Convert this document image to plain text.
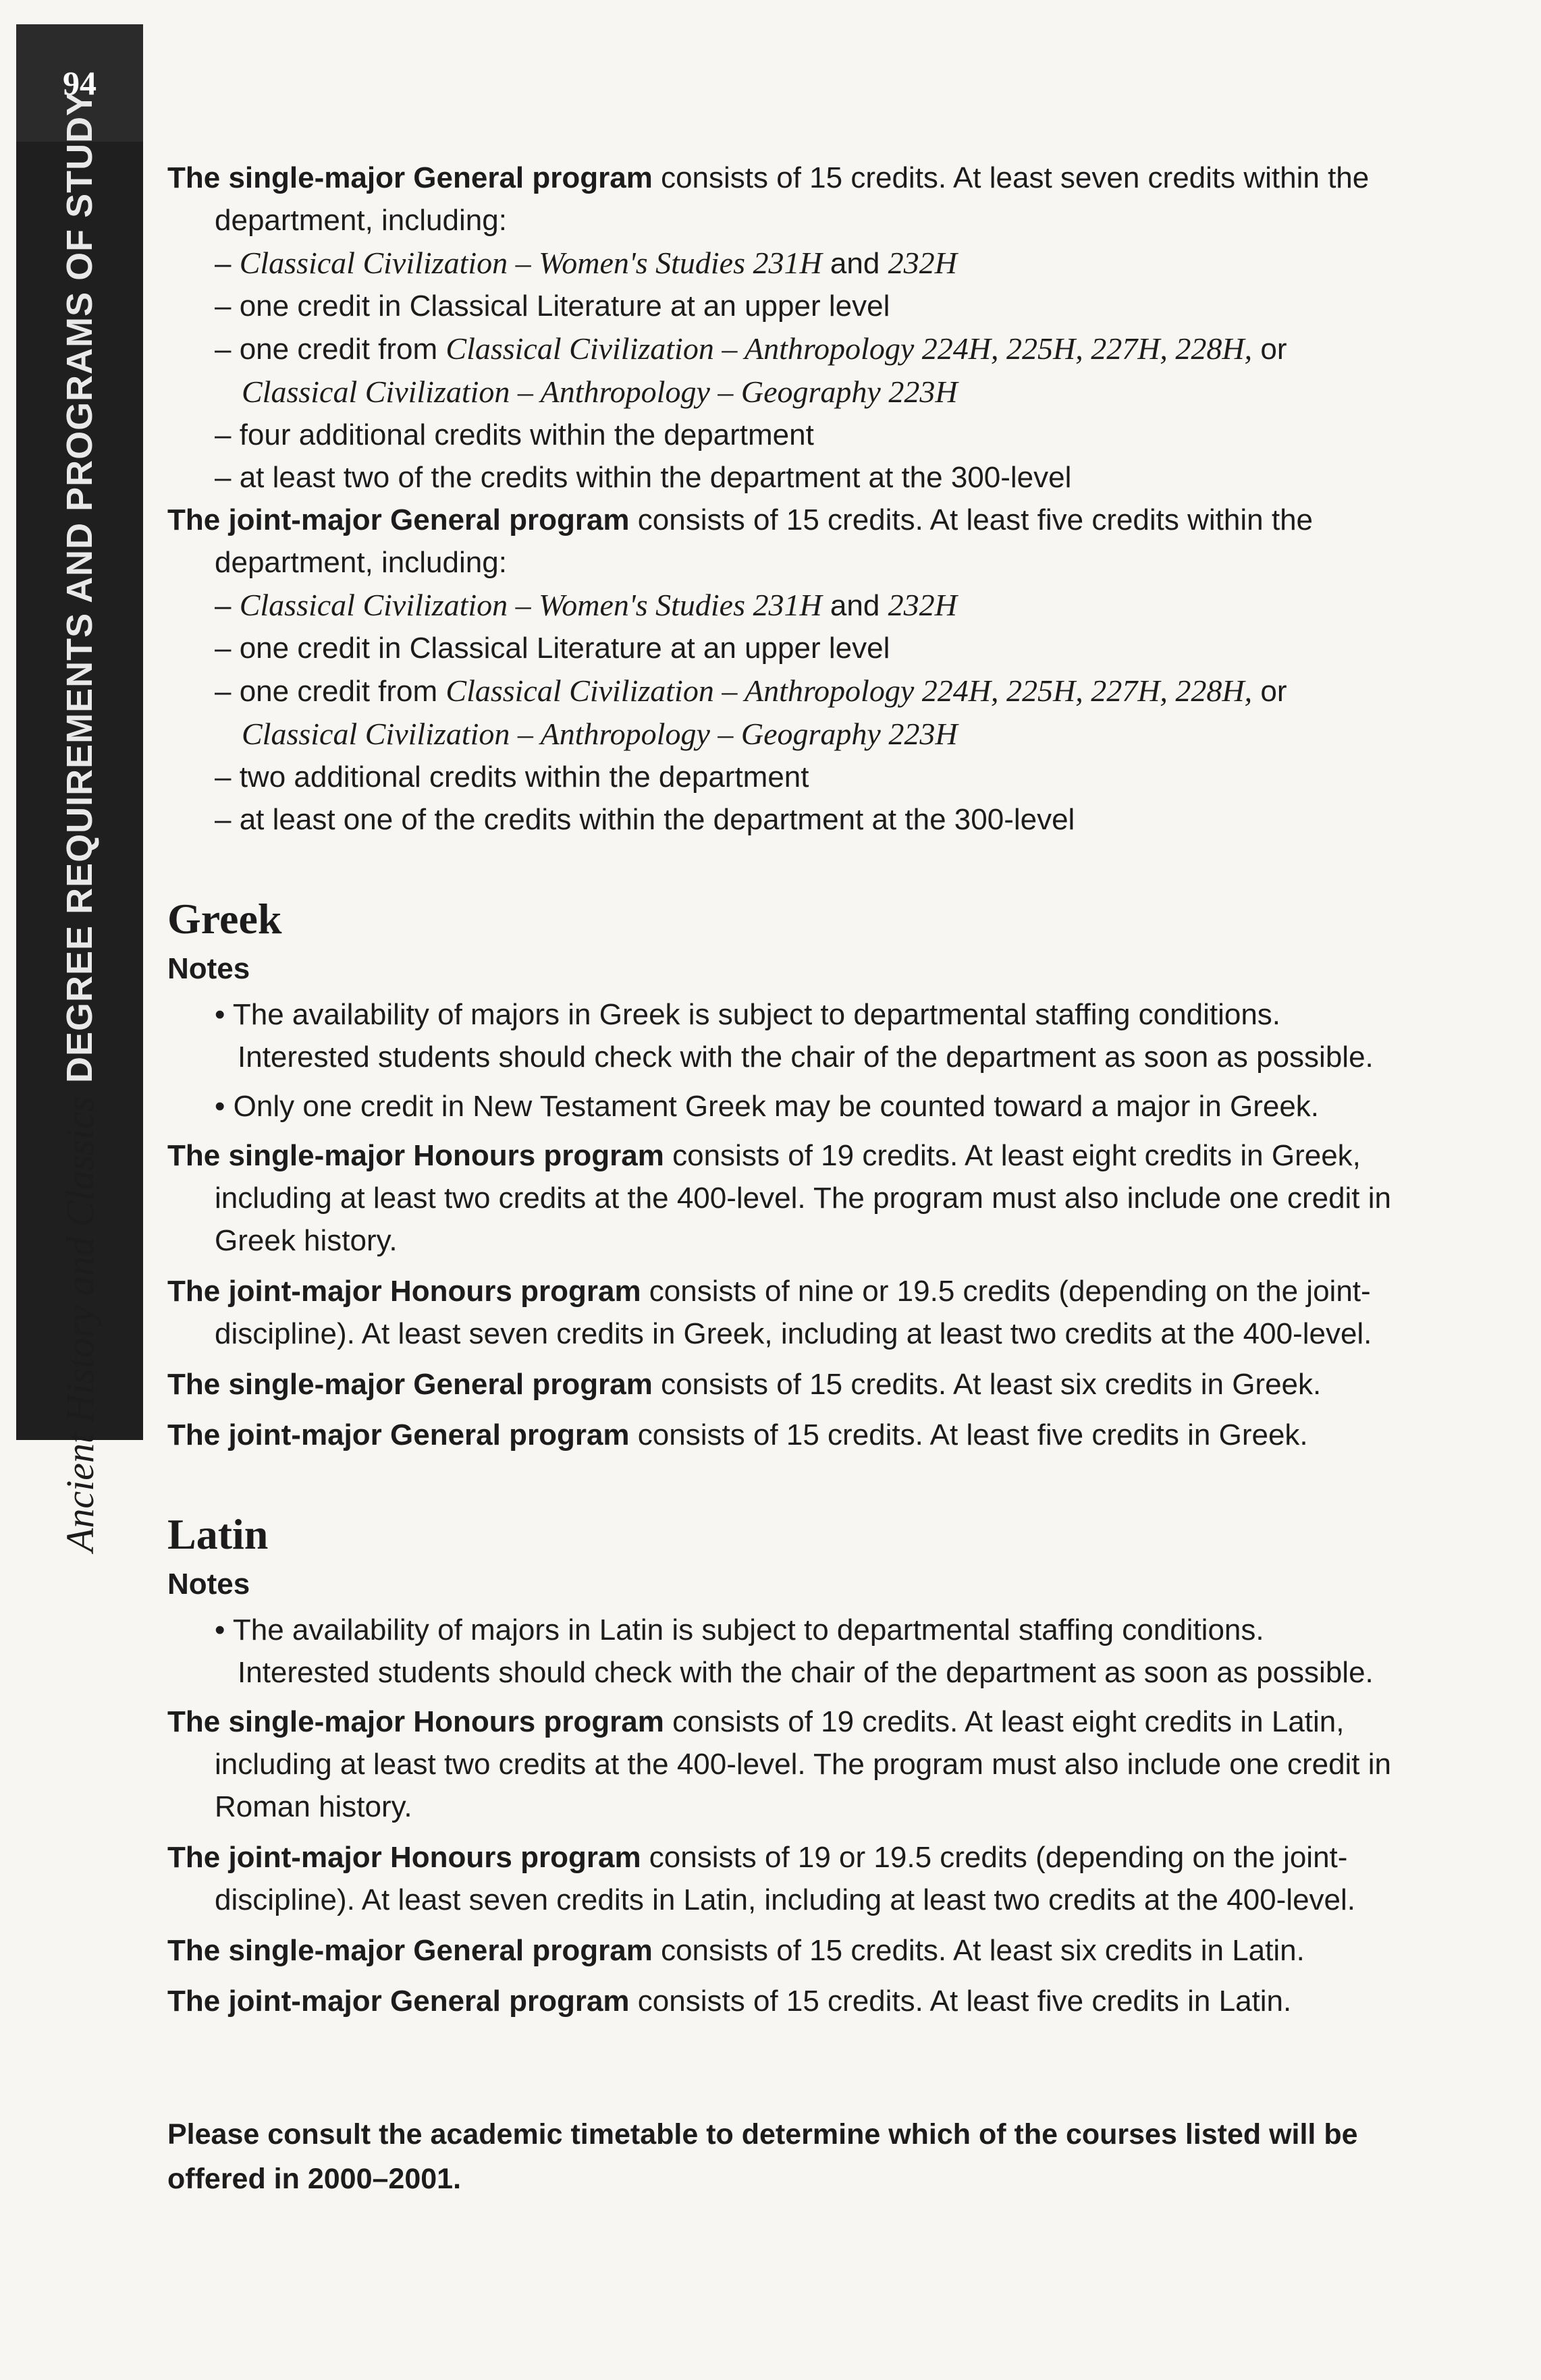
94
Ancient History and Classics
DEGREE REQUIREMENTS AND PROGRAMS OF STUDY The single-major General program consists of 15 credits. At least seven credits within the department, including:

– Classical Civilization – Women's Studies 231H and 232H
– one credit in Classical Literature at an upper level
– one credit from Classical Civilization – Anthropology 224H, 225H, 227H, 228H, or Classical Civilization – Anthropology – Geography 223H
– four additional credits within the department
– at least two of the credits within the department at the 300-level

The joint-major General program consists of 15 credits. At least five credits within the department, including:

– Classical Civilization – Women's Studies 231H and 232H
– one credit in Classical Literature at an upper level
– one credit from Classical Civilization – Anthropology 224H, 225H, 227H, 228H, or Classical Civilization – Anthropology – Geography 223H
– two additional credits within the department
– at least one of the credits within the department at the 300-level
Greek

Notes

• The availability of majors in Greek is subject to departmental staffing conditions. Interested students should check with the chair of the department as soon as possible.
• Only one credit in New Testament Greek may be counted toward a major in Greek.

The single-major Honours program consists of 19 credits. At least eight credits in Greek, including at least two credits at the 400-level. The program must also include one credit in Greek history.

The joint-major Honours program consists of nine or 19.5 credits (depending on the joint-discipline). At least seven credits in Greek, including at least two credits at the 400-level.

The single-major General program consists of 15 credits. At least six credits in Greek.

The joint-major General program consists of 15 credits. At least five credits in Greek.

Latin

Notes

• The availability of majors in Latin is subject to departmental staffing conditions. Interested students should check with the chair of the department as soon as possible.

The single-major Honours program consists of 19 credits. At least eight credits in Latin, including at least two credits at the 400-level. The program must also include one credit in Roman history.

The joint-major Honours program consists of 19 or 19.5 credits (depending on the joint-discipline). At least seven credits in Latin, including at least two credits at the 400-level.

The single-major General program consists of 15 credits. At least six credits in Latin.

The joint-major General program consists of 15 credits. At least five credits in Latin.

Please consult the academic timetable to determine which of the courses listed will be offered in 2000–2001.
